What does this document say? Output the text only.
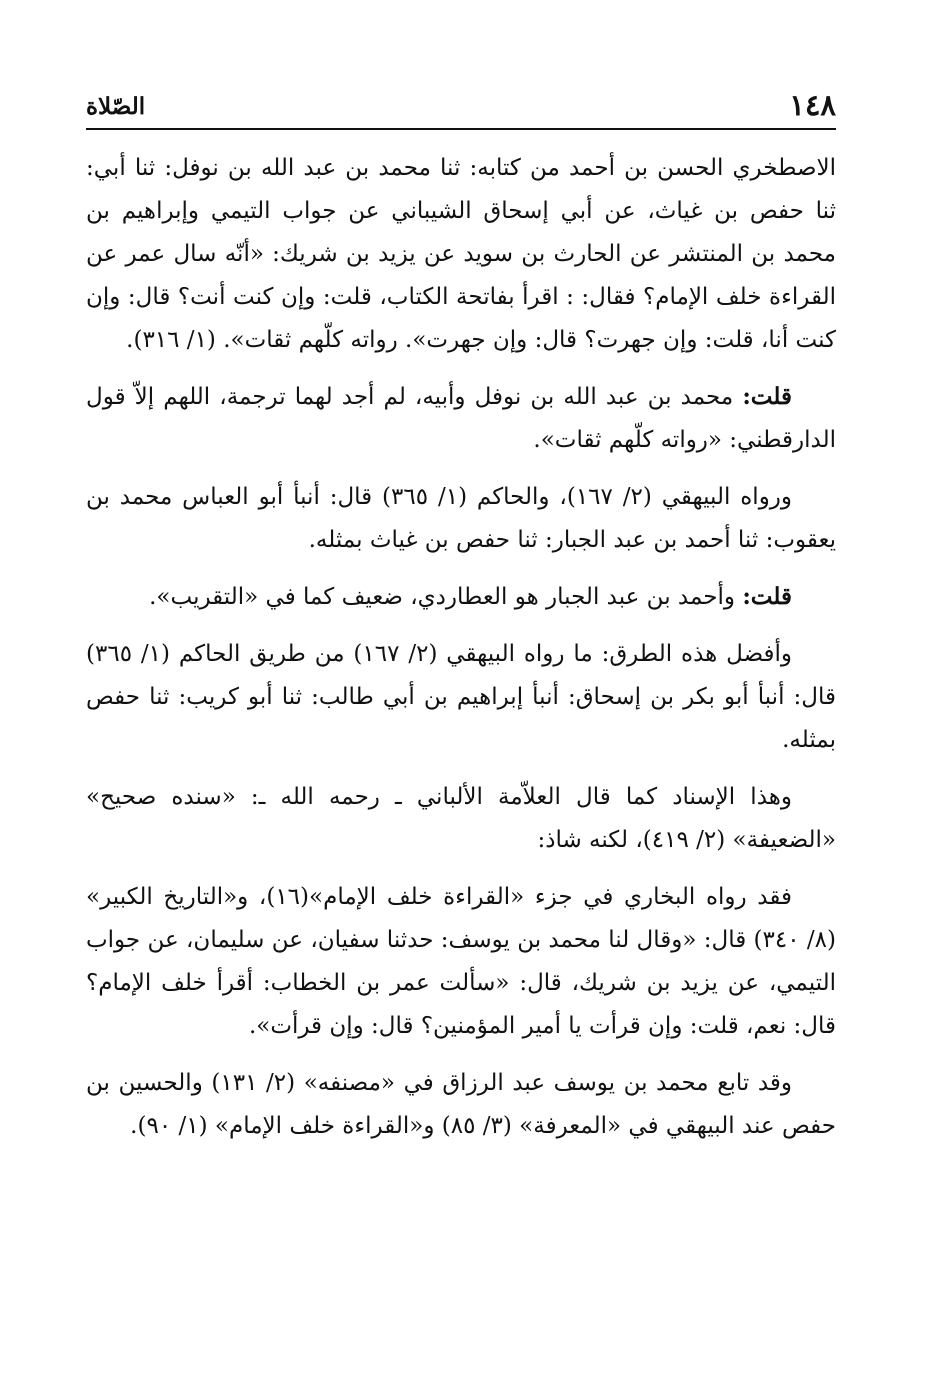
١٤٨
الصّلاة

الاصطخري الحسن بن أحمد من كتابه: ثنا محمد بن عبد الله بن نوفل: ثنا أبي: ثنا حفص بن غياث، عن أبي إسحاق الشيباني عن جواب التيمي وإبراهيم بن محمد بن المنتشر عن الحارث بن سويد عن يزيد بن شريك: «أنّه سال عمر عن القراءة خلف الإمام؟ فقال: : اقرأ بفاتحة الكتاب، قلت: وإن كنت أنت؟ قال: وإن كنت أنا، قلت: وإن جهرت؟ قال: وإن جهرت». رواته كلّهم ثقات». (١/ ٣١٦).

قلت: محمد بن عبد الله بن نوفل وأبيه، لم أجد لهما ترجمة، اللهم إلاّ قول الدارقطني: «رواته كلّهم ثقات».

ورواه البيهقي (٢/ ١٦٧)، والحاكم (١/ ٣٦٥) قال: أنبأ أبو العباس محمد بن يعقوب: ثنا أحمد بن عبد الجبار: ثنا حفص بن غياث بمثله.

قلت: وأحمد بن عبد الجبار هو العطاردي، ضعيف كما في «التقريب».

وأفضل هذه الطرق: ما رواه البيهقي (٢/ ١٦٧) من طريق الحاكم (١/ ٣٦٥) قال: أنبأ أبو بكر بن إسحاق: أنبأ إبراهيم بن أبي طالب: ثنا أبو كريب: ثنا حفص بمثله.

وهذا الإسناد كما قال العلاّمة الألباني ـ رحمه الله ـ: «سنده صحيح» «الضعيفة» (٢/ ٤١٩)، لكنه شاذ:

فقد رواه البخاري في جزء «القراءة خلف الإمام»(١٦)، و«التاريخ الكبير» (٨/ ٣٤٠) قال: «وقال لنا محمد بن يوسف: حدثنا سفيان، عن سليمان، عن جواب التيمي، عن يزيد بن شريك، قال: «سألت عمر بن الخطاب: أقرأ خلف الإمام؟ قال: نعم، قلت: وإن قرأت يا أمير المؤمنين؟ قال: وإن قرأت».

وقد تابع محمد بن يوسف عبد الرزاق في «مصنفه» (٢/ ١٣١) والحسين بن حفص عند البيهقي في «المعرفة» (٣/ ٨٥) و«القراءة خلف الإمام» (١/ ٩٠).
